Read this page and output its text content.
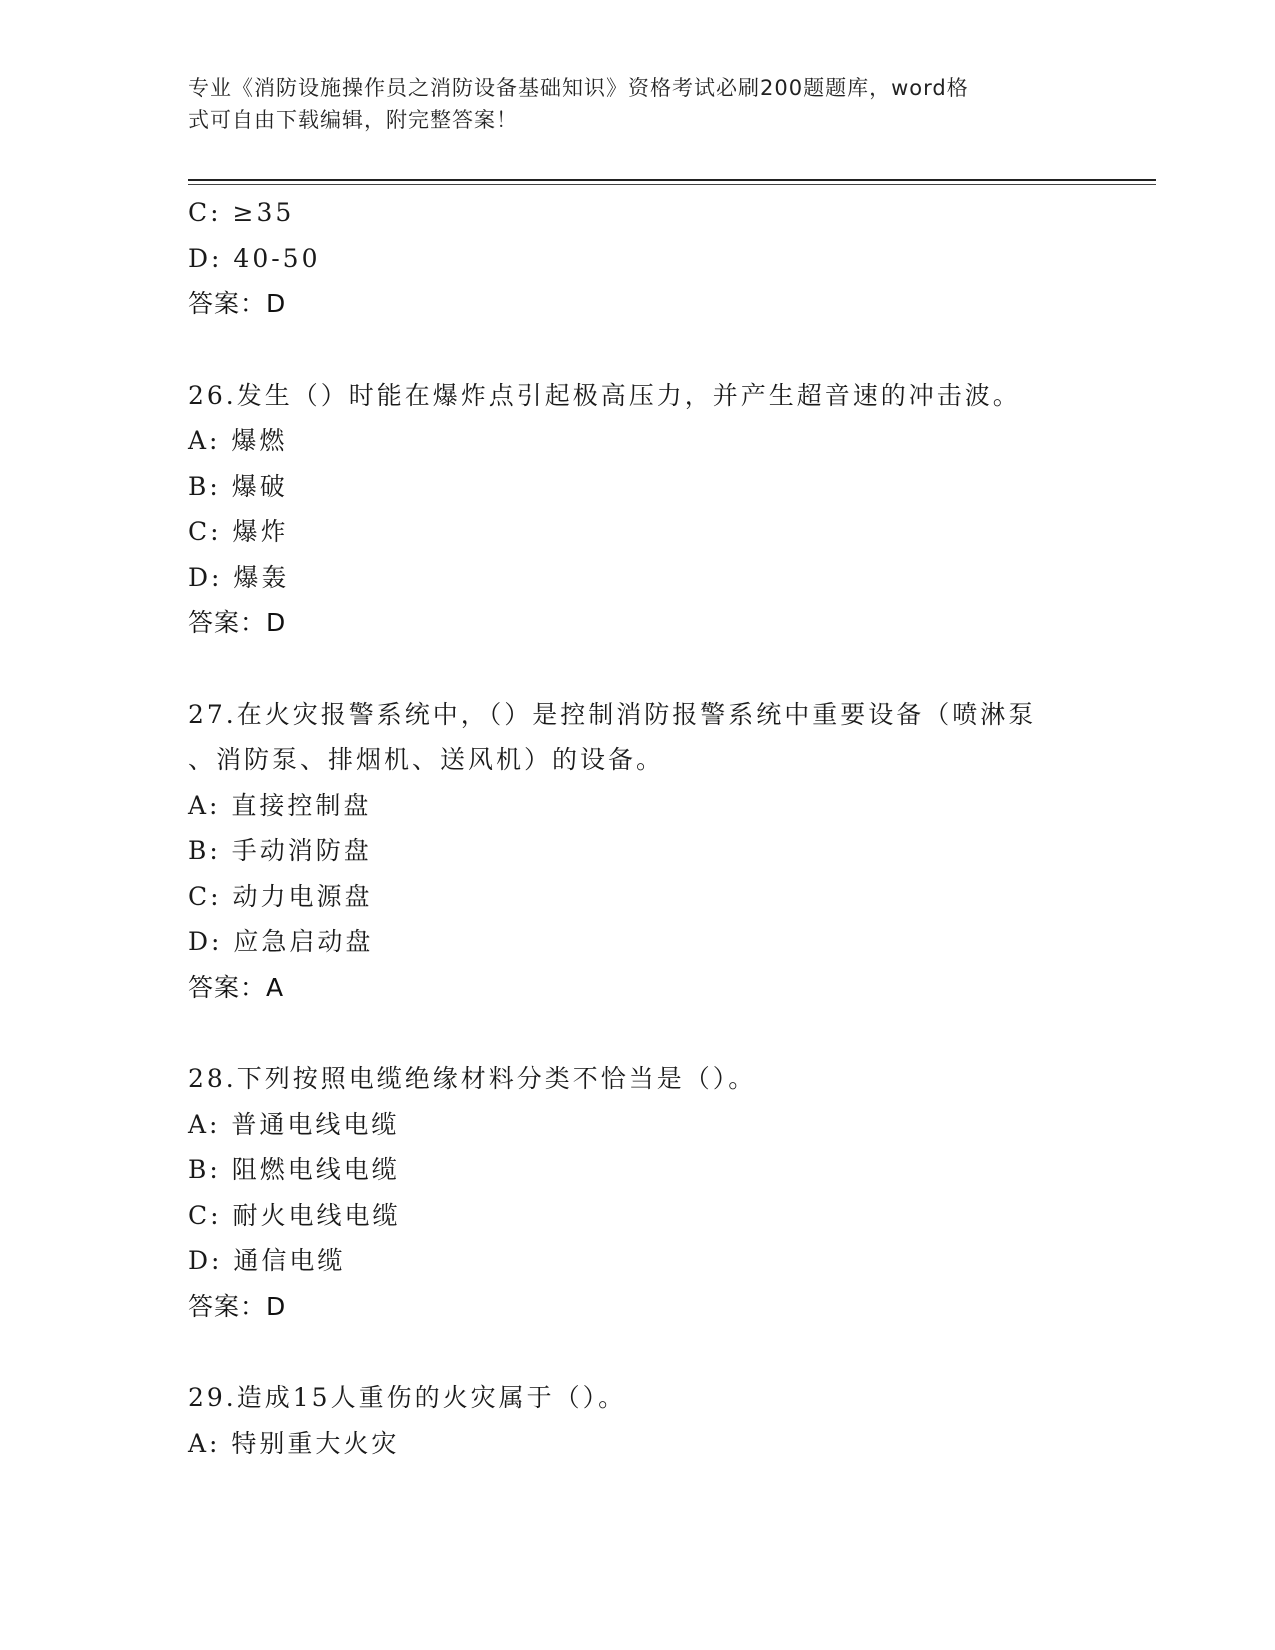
专业《消防设施操作员之消防设备基础知识》资格考试必刷200题题库，word格
式可自由下载编辑，附完整答案！
C: ≥35
D: 40-50
答案：D
26.发生（）时能在爆炸点引起极高压力，并产生超音速的冲击波。
A: 爆燃
B: 爆破
C: 爆炸
D: 爆轰
答案：D
27.在火灾报警系统中，（）是控制消防报警系统中重要设备（喷淋泵
、消防泵、排烟机、送风机）的设备。
A: 直接控制盘
B: 手动消防盘
C: 动力电源盘
D: 应急启动盘
答案：A
28.下列按照电缆绝缘材料分类不恰当是（）。
A: 普通电线电缆
B: 阻燃电线电缆
C: 耐火电线电缆
D: 通信电缆
答案：D
29.造成15人重伤的火灾属于（）。
A: 特别重大火灾
